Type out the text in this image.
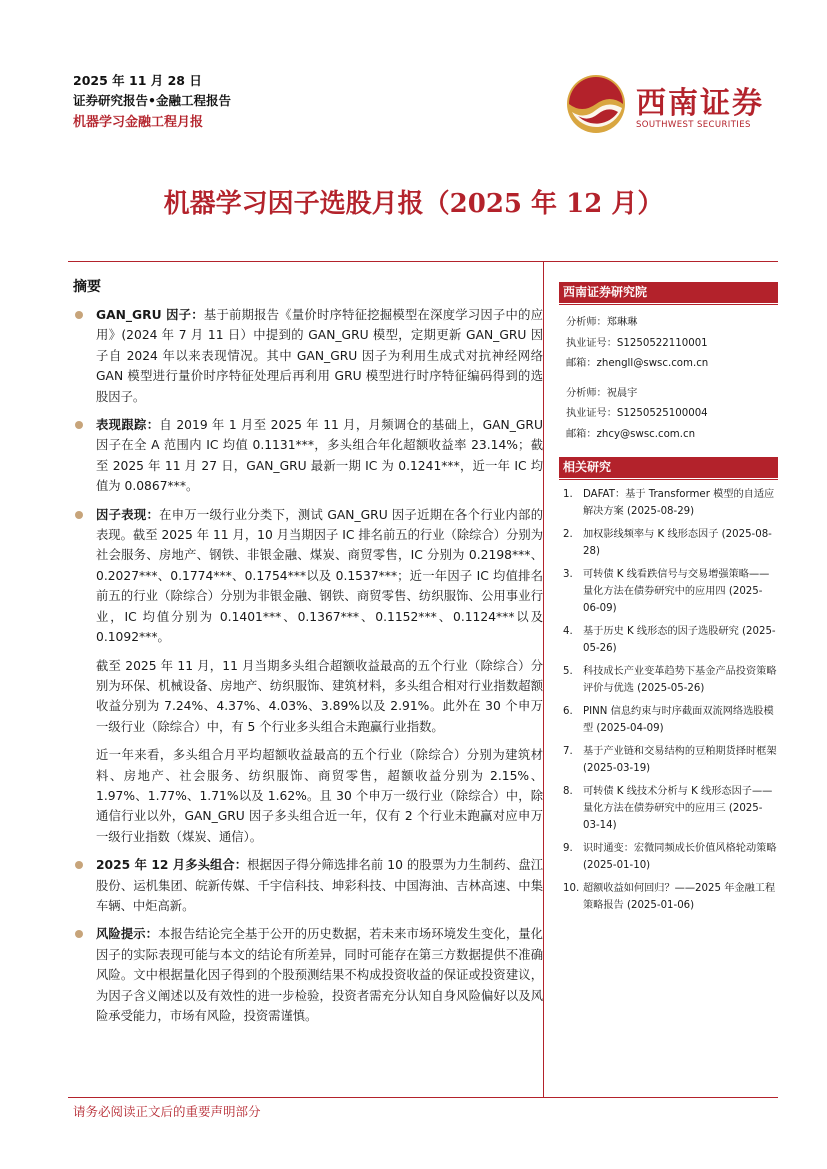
2025 年 11 月 28 日
证券研究报告•金融工程报告
机器学习金融工程月报
西南证券
SOUTHWEST SECURITIES
机器学习因子选股月报（2025 年 12 月）
摘要
GAN_GRU 因子：基于前期报告《量价时序特征挖掘模型在深度学习因子中的应用》(2024 年 7 月 11 日）中提到的 GAN_GRU 模型，定期更新 GAN_GRU 因子自 2024 年以来表现情况。其中 GAN_GRU 因子为利用生成式对抗神经网络 GAN 模型进行量价时序特征处理后再利用 GRU 模型进行时序特征编码得到的选股因子。
表现跟踪：自 2019 年 1 月至 2025 年 11 月，月频调仓的基础上，GAN_GRU 因子在全 A 范围内 IC 均值 0.1131***，多头组合年化超额收益率 23.14%；截至 2025 年 11 月 27 日，GAN_GRU 最新一期 IC 为 0.1241***，近一年 IC 均值为 0.0867***。
因子表现：在申万一级行业分类下，测试 GAN_GRU 因子近期在各个行业内部的表现。截至 2025 年 11 月，10 月当期因子 IC 排名前五的行业（除综合）分别为社会服务、房地产、钢铁、非银金融、煤炭、商贸零售，IC 分别为 0.2198***、0.2027***、0.1774***、0.1754***以及 0.1537***；近一年因子 IC 均值排名前五的行业（除综合）分别为非银金融、钢铁、商贸零售、纺织服饰、公用事业行业，IC 均值分别为 0.1401***、0.1367***、0.1152***、0.1124***以及 0.1092***。
截至 2025 年 11 月，11 月当期多头组合超额收益最高的五个行业（除综合）分别为环保、机械设备、房地产、纺织服饰、建筑材料，多头组合相对行业指数超额收益分别为 7.24%、4.37%、4.03%、3.89%以及 2.91%。此外在 30 个申万一级行业（除综合）中，有 5 个行业多头组合未跑赢行业指数。
近一年来看，多头组合月平均超额收益最高的五个行业（除综合）分别为建筑材料、房地产、社会服务、纺织服饰、商贸零售，超额收益分别为 2.15%、1.97%、1.77%、1.71%以及 1.62%。且 30 个申万一级行业（除综合）中，除通信行业以外，GAN_GRU 因子多头组合近一年，仅有 2 个行业未跑赢对应申万一级行业指数（煤炭、通信）。
2025 年 12 月多头组合：根据因子得分筛选排名前 10 的股票为力生制药、盘江股份、运机集团、皖新传媒、千宇信科技、坤彩科技、中国海油、吉林高速、中集车辆、中炬高新。
风险提示：本报告结论完全基于公开的历史数据，若未来市场环境发生变化，量化因子的实际表现可能与本文的结论有所差异，同时可能存在第三方数据提供不准确风险。文中根据量化因子得到的个股预测结果不构成投资收益的保证或投资建议，为因子含义阐述以及有效性的进一步检验，投资者需充分认知自身风险偏好以及风险承受能力，市场有风险，投资需谨慎。
西南证券研究院
分析师：郑琳琳
执业证号：S1250522110001
邮箱：zhengll@swsc.com.cn
分析师：祝晨宇
执业证号：S1250525100004
邮箱：zhcy@swsc.com.cn
相关研究
1. DAFAT：基于 Transformer 模型的自适应解决方案 (2025-08-29)
2. 加权影线频率与 K 线形态因子 (2025-08-28)
3. 可转债 K 线看跌信号与交易增强策略——量化方法在债券研究中的应用四 (2025-06-09)
4. 基于历史 K 线形态的因子选股研究 (2025-05-26)
5. 科技成长产业变革趋势下基金产品投资策略评价与优选 (2025-05-26)
6. PINN 信息约束与时序截面双流网络选股模型 (2025-04-09)
7. 基于产业链和交易结构的豆粕期货择时框架 (2025-03-19)
8. 可转债 K 线技术分析与 K 线形态因子——量化方法在债券研究中的应用三 (2025-03-14)
9. 识时通变：宏微同频成长价值风格轮动策略 (2025-01-10)
10. 超额收益如何回归？——2025 年金融工程策略报告 (2025-01-06)
请务必阅读正文后的重要声明部分
